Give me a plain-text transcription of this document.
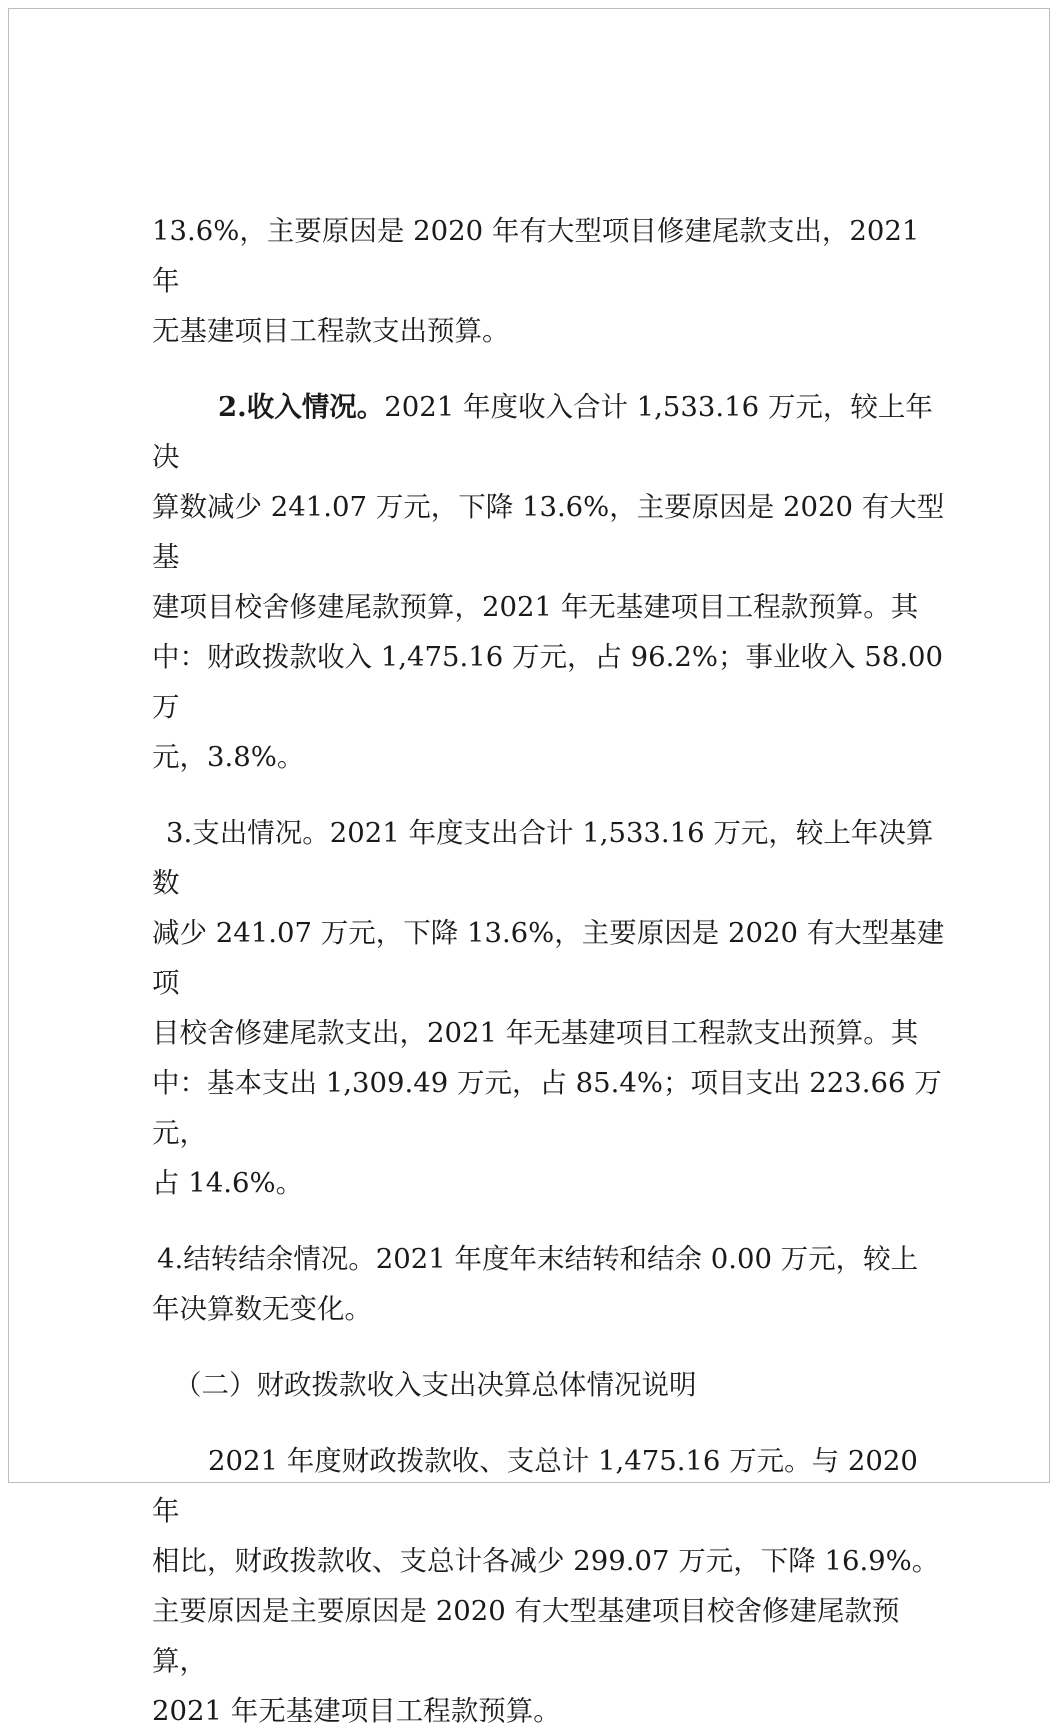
13.6%，主要原因是 2020 年有大型项目修建尾款支出，2021 年
无基建项目工程款支出预算。

2.收入情况。2021 年度收入合计 1,533.16 万元，较上年决
算数减少 241.07 万元，下降 13.6%，主要原因是 2020 有大型基
建项目校舍修建尾款预算，2021 年无基建项目工程款预算。其
中：财政拨款收入 1,475.16 万元，占 96.2%；事业收入 58.00 万
元，3.8%。

3.支出情况。2021 年度支出合计 1,533.16 万元，较上年决算数
减少 241.07 万元，下降 13.6%，主要原因是 2020 有大型基建项
目校舍修建尾款支出，2021 年无基建项目工程款支出预算。其
中：基本支出 1,309.49 万元，占 85.4%；项目支出 223.66 万元，
占 14.6%。

4.结转结余情况。2021 年度年末结转和结余 0.00 万元，较上
年决算数无变化。

（二）财政拨款收入支出决算总体情况说明

2021 年度财政拨款收、支总计 1,475.16 万元。与 2020 年
相比，财政拨款收、支总计各减少 299.07 万元，下降 16.9%。
主要原因是主要原因是 2020 有大型基建项目校舍修建尾款预算，
2021 年无基建项目工程款预算。
